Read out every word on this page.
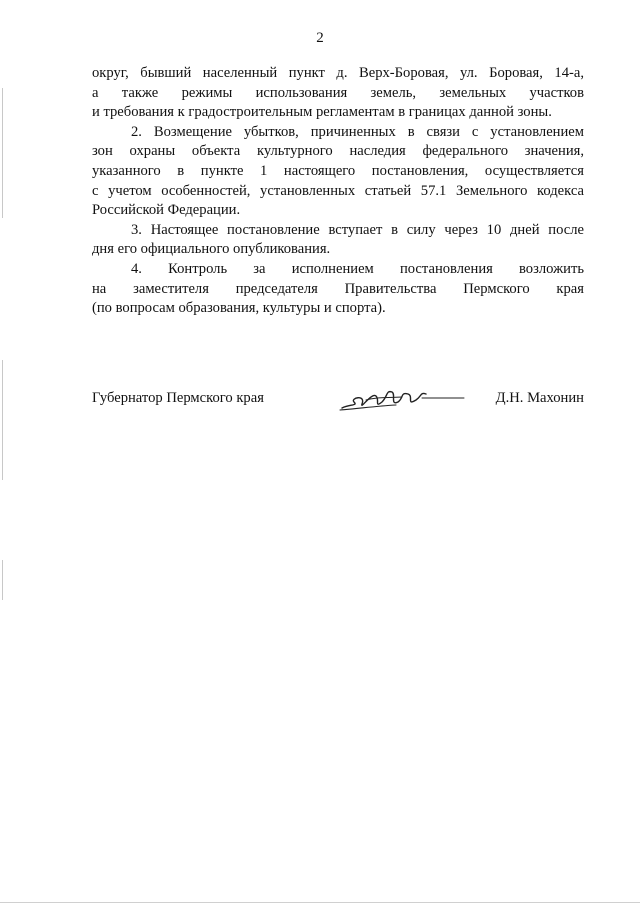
2

округ, бывший населенный пункт д. Верх-Боровая, ул. Боровая, 14-а,
а также режимы использования земель, земельных участков
и требования к градостроительным регламентам в границах данной зоны.

2. Возмещение убытков, причиненных в связи с установлением
зон охраны объекта культурного наследия федерального значения,
указанного в пункте 1 настоящего постановления, осуществляется
с учетом особенностей, установленных статьей 57.1 Земельного кодекса
Российской Федерации.

3. Настоящее постановление вступает в силу через 10 дней после
дня его официального опубликования.

4. Контроль за исполнением постановления возложить
на заместителя председателя Правительства Пермского края
(по вопросам образования, культуры и спорта).

Губернатор Пермского края	Д.Н. Махонин
